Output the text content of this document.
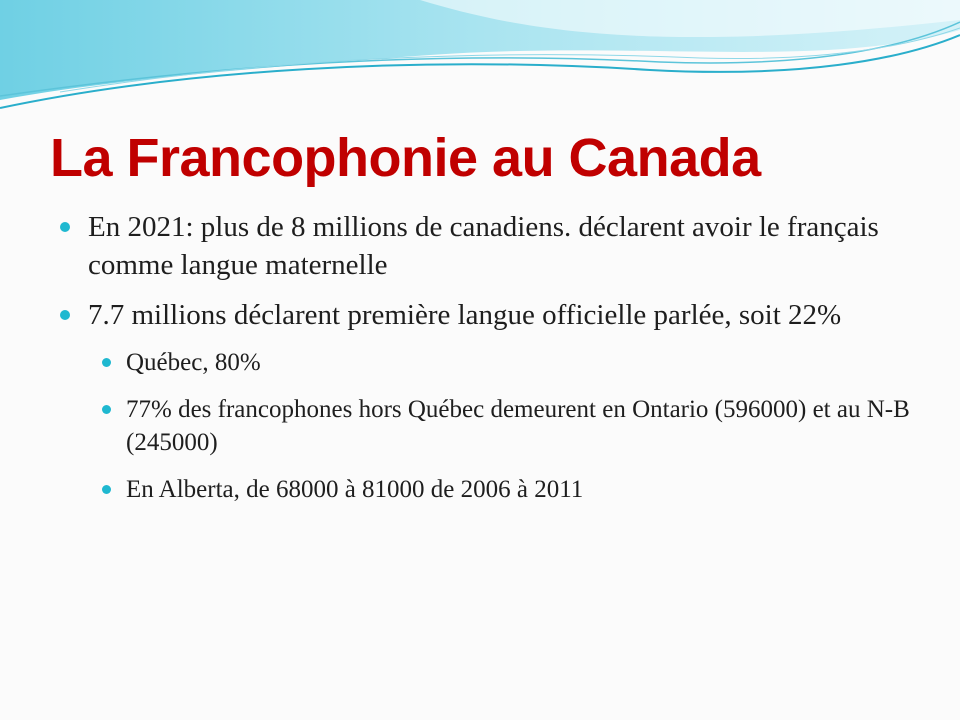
La Francophonie au Canada
En 2021: plus de 8 millions de canadiens. déclarent avoir le français comme langue maternelle
7.7 millions déclarent première langue officielle parlée, soit 22%
Québec, 80%
77% des francophones hors Québec demeurent en Ontario (596000) et au N-B (245000)
En Alberta, de 68000 à 81000 de 2006 à 2011
